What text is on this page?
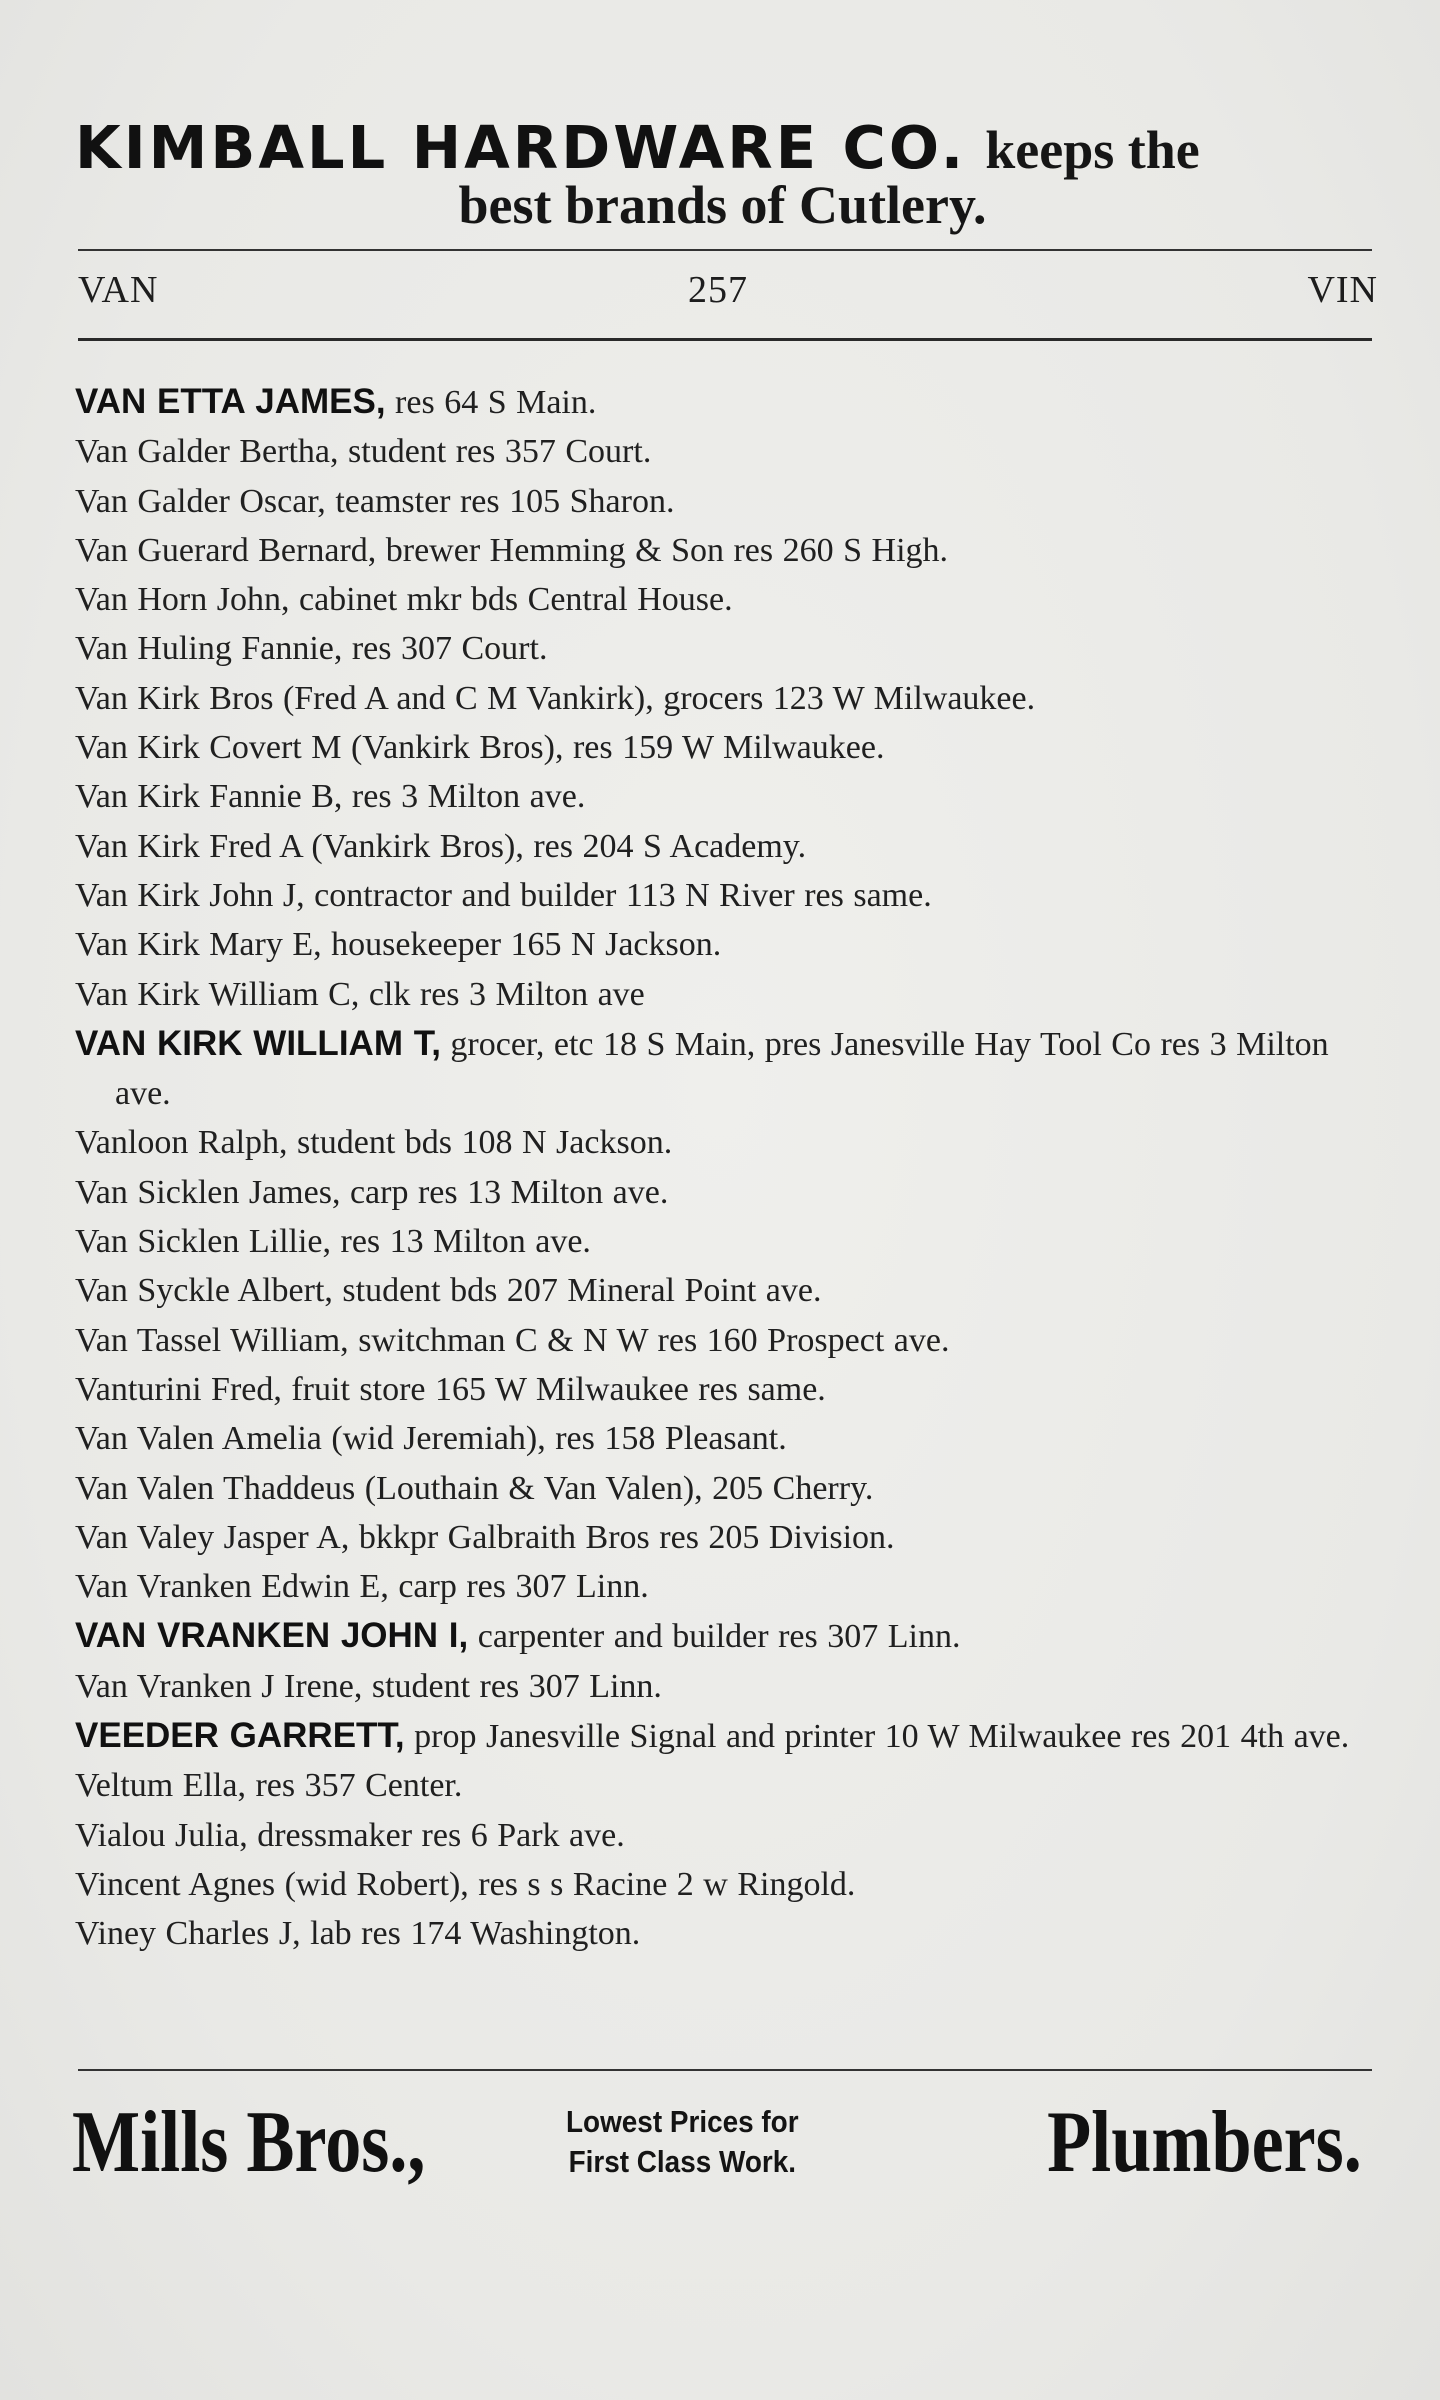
KIMBALL HARDWARE CO. keeps the
best brands of Cutlery.
VAN	257	VIN
VAN ETTA JAMES, res 64 S Main.
Van Galder Bertha, student res 357 Court.
Van Galder Oscar, teamster res 105 Sharon.
Van Guerard Bernard, brewer Hemming & Son res 260 S High.
Van Horn John, cabinet mkr bds Central House.
Van Huling Fannie, res 307 Court.
Van Kirk Bros (Fred A and C M Vankirk), grocers 123 W Milwaukee.
Van Kirk Covert M (Vankirk Bros), res 159 W Milwaukee.
Van Kirk Fannie B, res 3 Milton ave.
Van Kirk Fred A (Vankirk Bros), res 204 S Academy.
Van Kirk John J, contractor and builder 113 N River res same.
Van Kirk Mary E, housekeeper 165 N Jackson.
Van Kirk William C, clk res 3 Milton ave
VAN KIRK WILLIAM T, grocer, etc 18 S Main, pres Janesville Hay Tool Co res 3 Milton ave.
Vanloon Ralph, student bds 108 N Jackson.
Van Sicklen James, carp res 13 Milton ave.
Van Sicklen Lillie, res 13 Milton ave.
Van Syckle Albert, student bds 207 Mineral Point ave.
Van Tassel William, switchman C & N W res 160 Prospect ave.
Vanturini Fred, fruit store 165 W Milwaukee res same.
Van Valen Amelia (wid Jeremiah), res 158 Pleasant.
Van Valen Thaddeus (Louthain & Van Valen), 205 Cherry.
Van Valey Jasper A, bkkpr Galbraith Bros res 205 Division.
Van Vranken Edwin E, carp res 307 Linn.
VAN VRANKEN JOHN I, carpenter and builder res 307 Linn.
Van Vranken J Irene, student res 307 Linn.
VEEDER GARRETT, prop Janesville Signal and printer 10 W Milwaukee res 201 4th ave.
Veltum Ella, res 357 Center.
Vialou Julia, dressmaker res 6 Park ave.
Vincent Agnes (wid Robert), res s s Racine 2 w Ringold.
Viney Charles J, lab res 174 Washington.
Mills Bros.,	Lowest Prices for
First Class Work.	Plumbers.
